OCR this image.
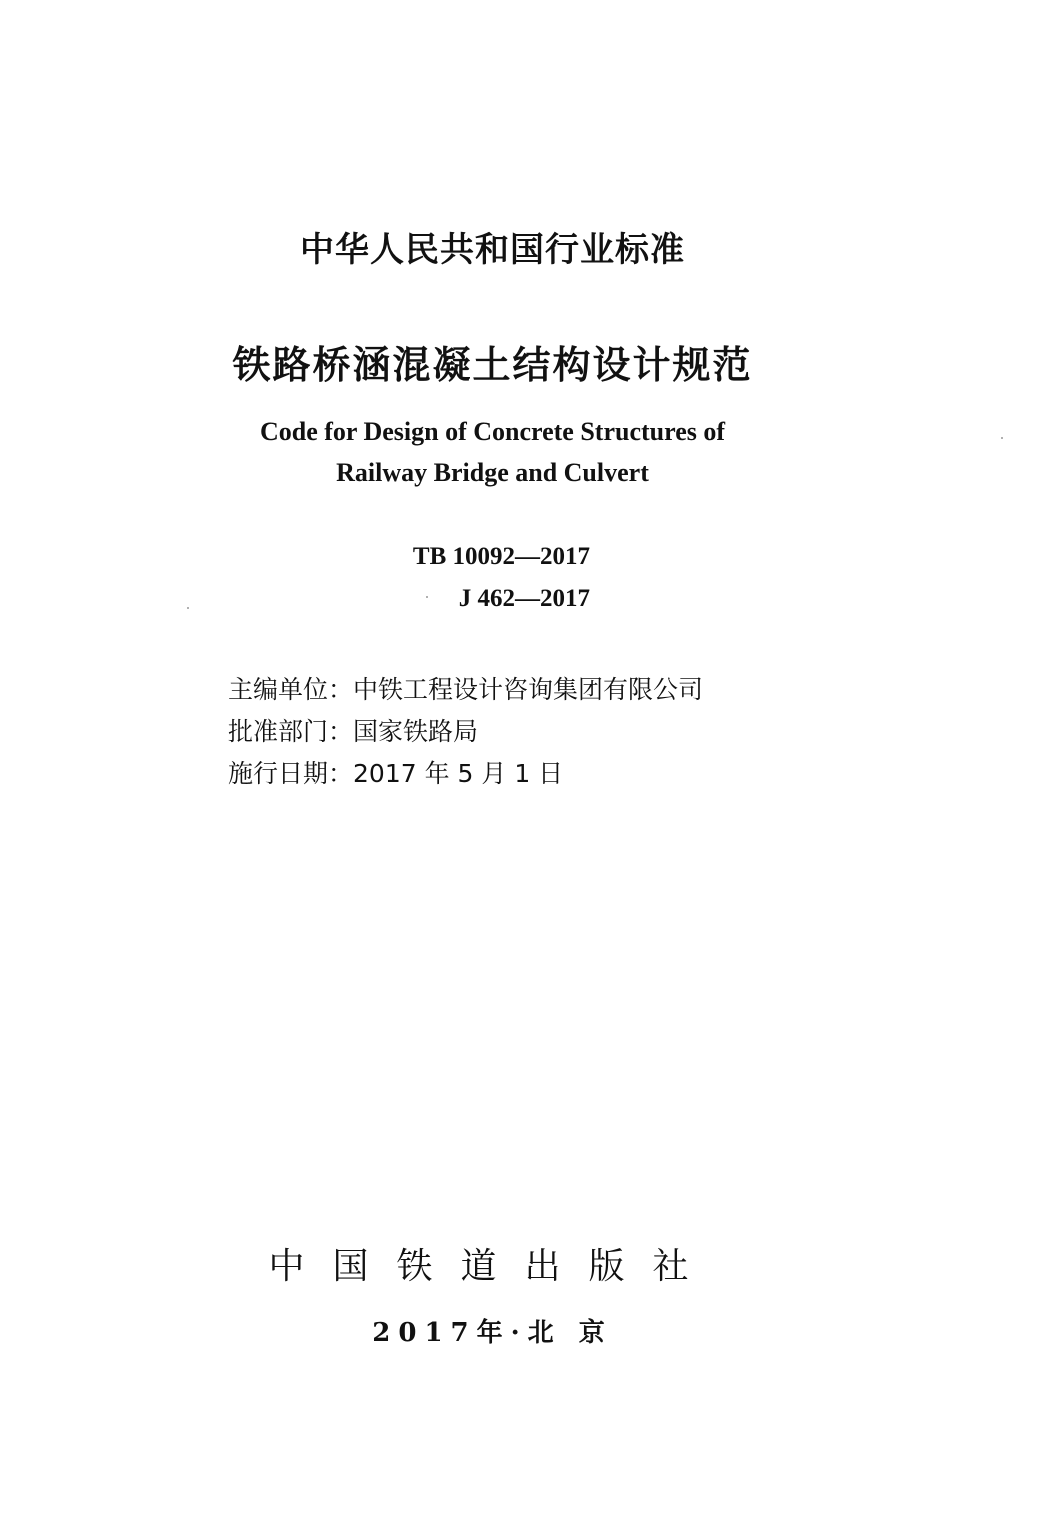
中华人民共和国行业标准
铁路桥涵混凝土结构设计规范
Code for Design of Concrete Structures of
Railway Bridge and Culvert
TB 10092—2017
J 462—2017
主编单位：中铁工程设计咨询集团有限公司
批准部门：国家铁路局
施行日期：2017 年 5 月 1 日
中国铁道出版社
2017年·北 京
